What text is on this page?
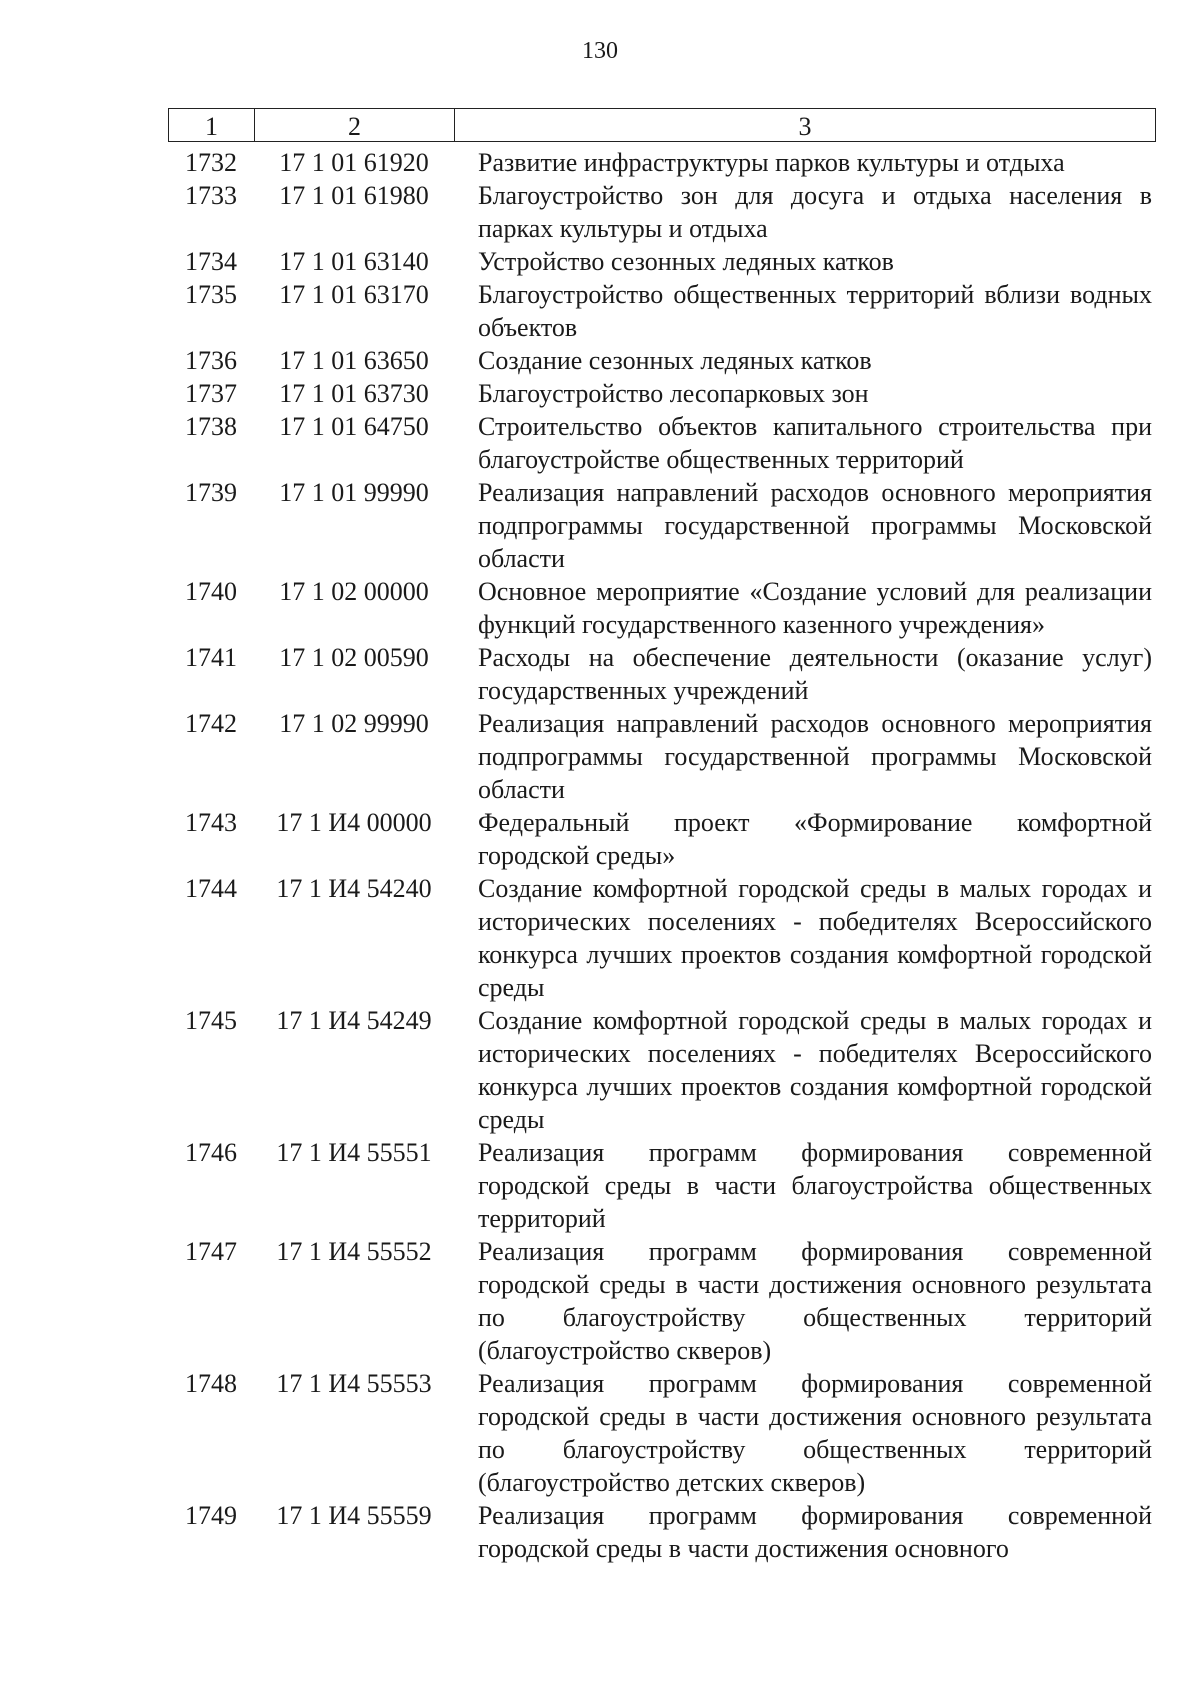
130
1	2	3
1732	17 1 01 61920	Развитие инфраструктуры парков культуры и отдыха
1733	17 1 01 61980	Благоустройство зон для досуга и отдыха населения в парках культуры и отдыха
1734	17 1 01 63140	Устройство сезонных ледяных катков
1735	17 1 01 63170	Благоустройство общественных территорий вблизи водных объектов
1736	17 1 01 63650	Создание сезонных ледяных катков
1737	17 1 01 63730	Благоустройство лесопарковых зон
1738	17 1 01 64750	Строительство объектов капитального строительства при благоустройстве общественных территорий
1739	17 1 01 99990	Реализация направлений расходов основного мероприятия подпрограммы государственной программы Московской области
1740	17 1 02 00000	Основное мероприятие «Создание условий для реализации функций государственного казенного учреждения»
1741	17 1 02 00590	Расходы на обеспечение деятельности (оказание услуг) государственных учреждений
1742	17 1 02 99990	Реализация направлений расходов основного мероприятия подпрограммы государственной программы Московской области
1743	17 1 И4 00000	Федеральный проект «Формирование комфортной городской среды»
1744	17 1 И4 54240	Создание комфортной городской среды в малых городах и исторических поселениях - победителях Всероссийского конкурса лучших проектов создания комфортной городской среды
1745	17 1 И4 54249	Создание комфортной городской среды в малых городах и исторических поселениях - победителях Всероссийского конкурса лучших проектов создания комфортной городской среды
1746	17 1 И4 55551	Реализация программ формирования современной городской среды в части благоустройства общественных территорий
1747	17 1 И4 55552	Реализация программ формирования современной городской среды в части достижения основного результата по благоустройству общественных территорий (благоустройство скверов)
1748	17 1 И4 55553	Реализация программ формирования современной городской среды в части достижения основного результата по благоустройству общественных территорий (благоустройство детских скверов)
1749	17 1 И4 55559	Реализация программ формирования современной городской среды в части достижения основного
